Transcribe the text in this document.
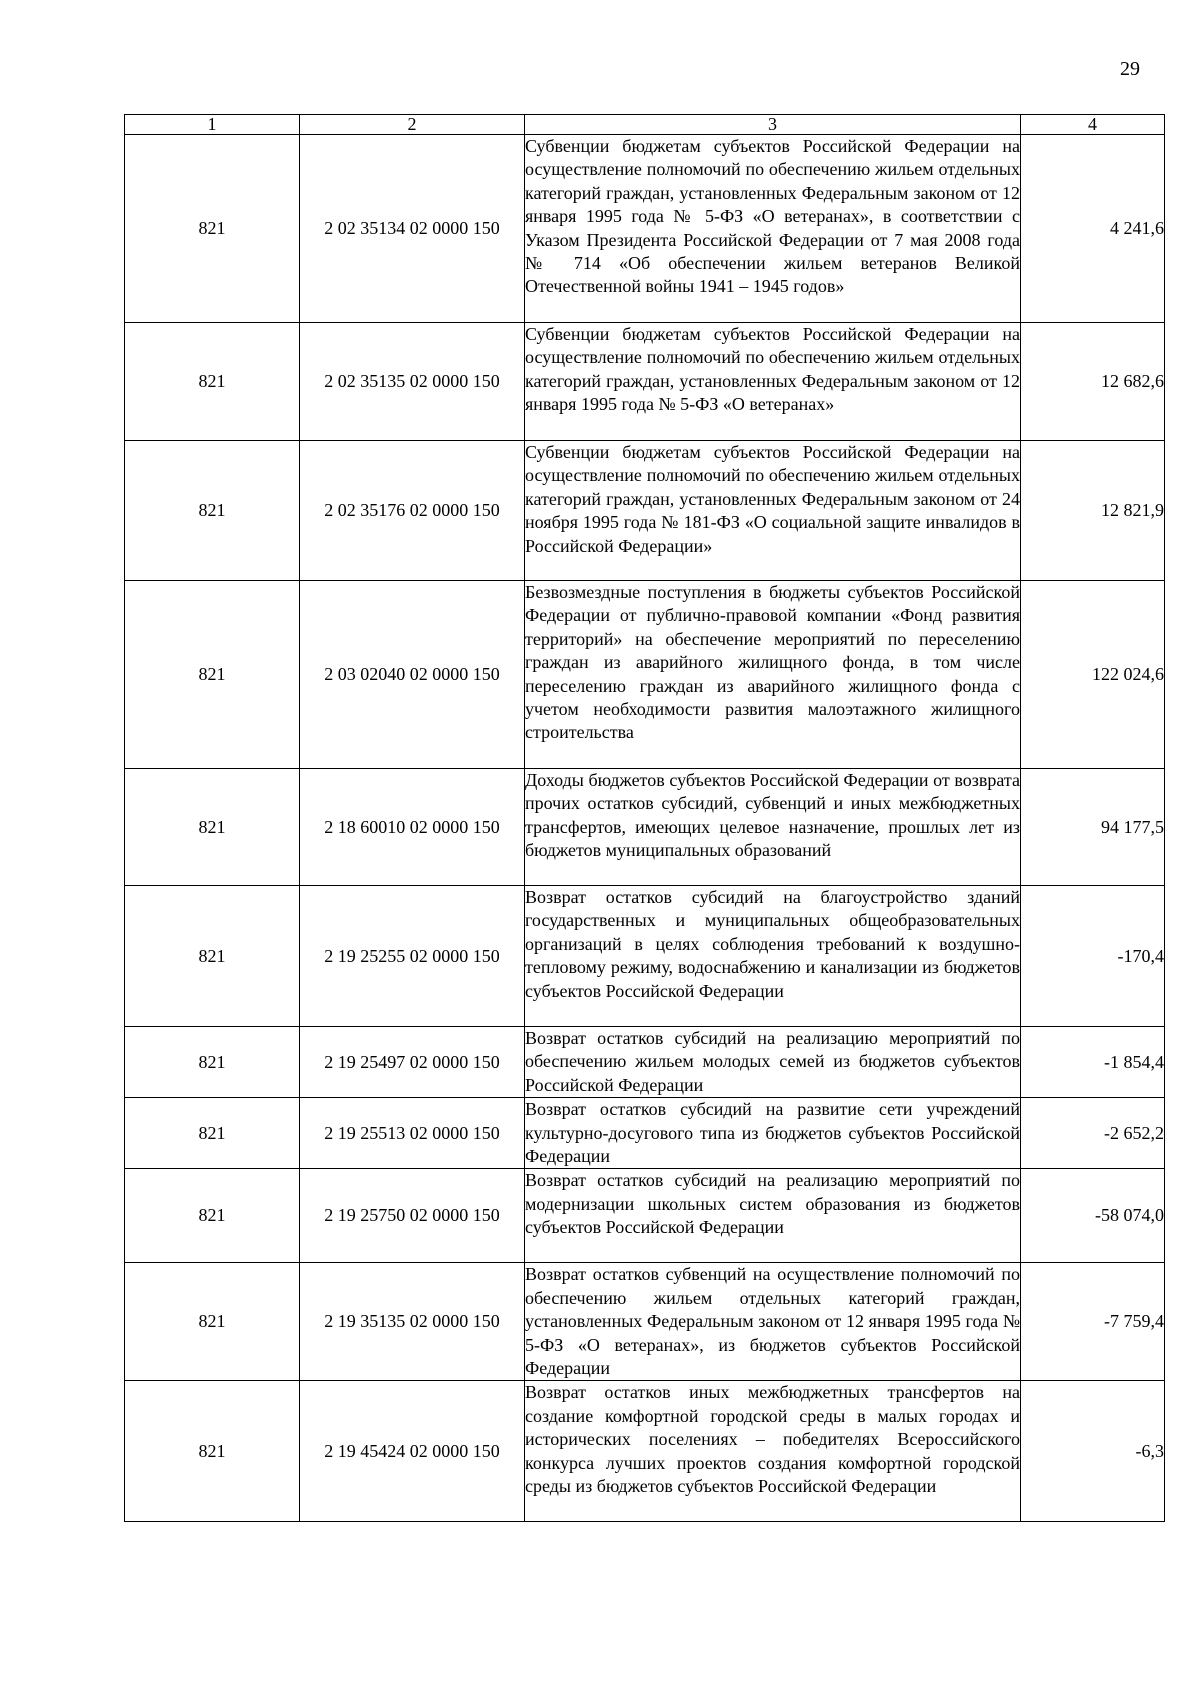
29
1	2	3	4
821	2 02 35134 02 0000 150	Субвенции бюджетам субъектов Российской Федерации на осуществление полномочий по обеспечению жильем отдельных категорий граждан, установленных Федеральным законом от 12 января 1995 года № 5-ФЗ «О ветеранах», в соответствии с Указом Президента Российской Федерации от 7 мая 2008 года № 714 «Об обеспечении жильем ветеранов Великой Отечественной войны 1941 – 1945 годов»	4 241,6
821	2 02 35135 02 0000 150	Субвенции бюджетам субъектов Российской Федерации на осуществление полномочий по обеспечению жильем отдельных категорий граждан, установленных Федеральным законом от 12 января 1995 года № 5-ФЗ «О ветеранах»	12 682,6
821	2 02 35176 02 0000 150	Субвенции бюджетам субъектов Российской Федерации на осуществление полномочий по обеспечению жильем отдельных категорий граждан, установленных Федеральным законом от 24 ноября 1995 года № 181-ФЗ «О социальной защите инвалидов в Российской Федерации»	12 821,9
821	2 03 02040 02 0000 150	Безвозмездные поступления в бюджеты субъектов Российской Федерации от публично-правовой компании «Фонд развития территорий» на обеспечение мероприятий по переселению граждан из аварийного жилищного фонда, в том числе переселению граждан из аварийного жилищного фонда с учетом необходимости развития малоэтажного жилищного строительства	122 024,6
821	2 18 60010 02 0000 150	Доходы бюджетов субъектов Российской Федерации от возврата прочих остатков субсидий, субвенций и иных межбюджетных трансфертов, имеющих целевое назначение, прошлых лет из бюджетов муниципальных образований	94 177,5
821	2 19 25255 02 0000 150	Возврат остатков субсидий на благоустройство зданий государственных и муниципальных общеобразовательных организаций в целях соблюдения требований к воздушно-тепловому режиму, водоснабжению и канализации из бюджетов субъектов Российской Федерации	-170,4
821	2 19 25497 02 0000 150	Возврат остатков субсидий на реализацию мероприятий по обеспечению жильем молодых семей из бюджетов субъектов Российской Федерации	-1 854,4
821	2 19 25513 02 0000 150	Возврат остатков субсидий на развитие сети учреждений культурно-досугового типа из бюджетов субъектов Российской Федерации	-2 652,2
821	2 19 25750 02 0000 150	Возврат остатков субсидий на реализацию мероприятий по модернизации школьных систем образования из бюджетов субъектов Российской Федерации	-58 074,0
821	2 19 35135 02 0000 150	Возврат остатков субвенций на осуществление полномочий по обеспечению жильем отдельных категорий граждан, установленных Федеральным законом от 12 января 1995 года № 5-ФЗ «О ветеранах», из бюджетов субъектов Российской Федерации	-7 759,4
821	2 19 45424 02 0000 150	Возврат остатков иных межбюджетных трансфертов на создание комфортной городской среды в малых городах и исторических поселениях – победителях Всероссийского конкурса лучших проектов создания комфортной городской среды из бюджетов субъектов Российской Федерации	-6,3
